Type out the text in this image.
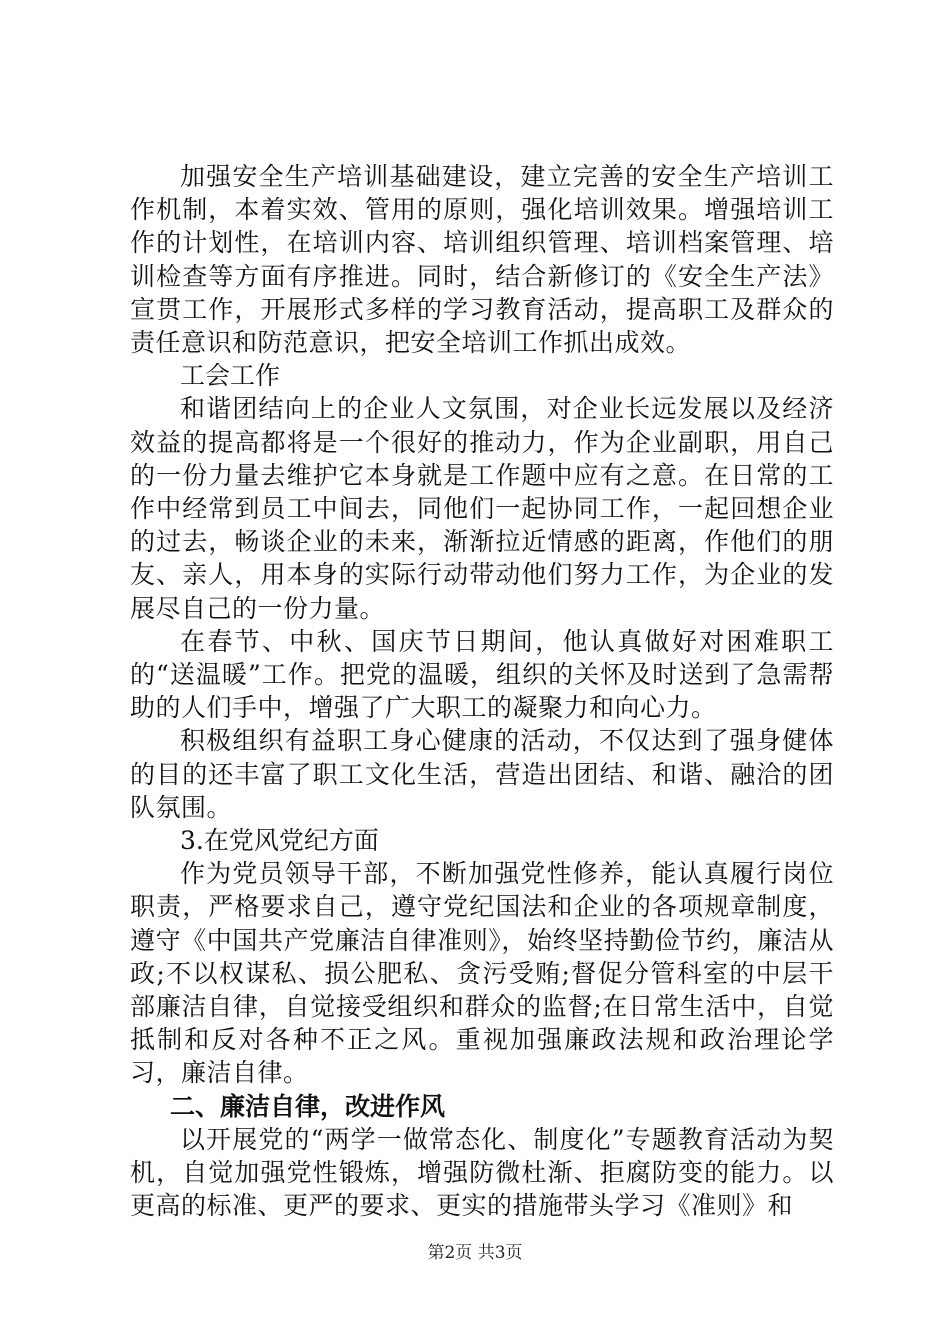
加强安全生产培训基础建设，建立完善的安全生产培训工作机制，本着实效、管用的原则，强化培训效果。增强培训工作的计划性，在培训内容、培训组织管理、培训档案管理、培训检查等方面有序推进。同时，结合新修订的《安全生产法》宣贯工作，开展形式多样的学习教育活动，提高职工及群众的责任意识和防范意识，把安全培训工作抓出成效。

工会工作

和谐团结向上的企业人文氛围，对企业长远发展以及经济效益的提高都将是一个很好的推动力，作为企业副职，用自己的一份力量去维护它本身就是工作题中应有之意。在日常的工作中经常到员工中间去，同他们一起协同工作，一起回想企业的过去，畅谈企业的未来，渐渐拉近情感的距离，作他们的朋友、亲人，用本身的实际行动带动他们努力工作，为企业的发展尽自己的一份力量。

在春节、中秋、国庆节日期间，他认真做好对困难职工的“送温暖”工作。把党的温暖，组织的关怀及时送到了急需帮助的人们手中，增强了广大职工的凝聚力和向心力。

积极组织有益职工身心健康的活动，不仅达到了强身健体的目的还丰富了职工文化生活，营造出团结、和谐、融洽的团队氛围。

3.在党风党纪方面

作为党员领导干部，不断加强党性修养，能认真履行岗位职责，严格要求自己，遵守党纪国法和企业的各项规章制度，遵守《中国共产党廉洁自律准则》，始终坚持勤俭节约，廉洁从政;不以权谋私、损公肥私、贪污受贿;督促分管科室的中层干部廉洁自律，自觉接受组织和群众的监督;在日常生活中，自觉抵制和反对各种不正之风。重视加强廉政法规和政治理论学习，廉洁自律。

二、廉洁自律，改进作风

以开展党的“两学一做常态化、制度化”专题教育活动为契机，自觉加强党性锻炼，增强防微杜渐、拒腐防变的能力。以更高的标准、更严的要求、更实的措施带头学习《准则》和

第2页 共3页
